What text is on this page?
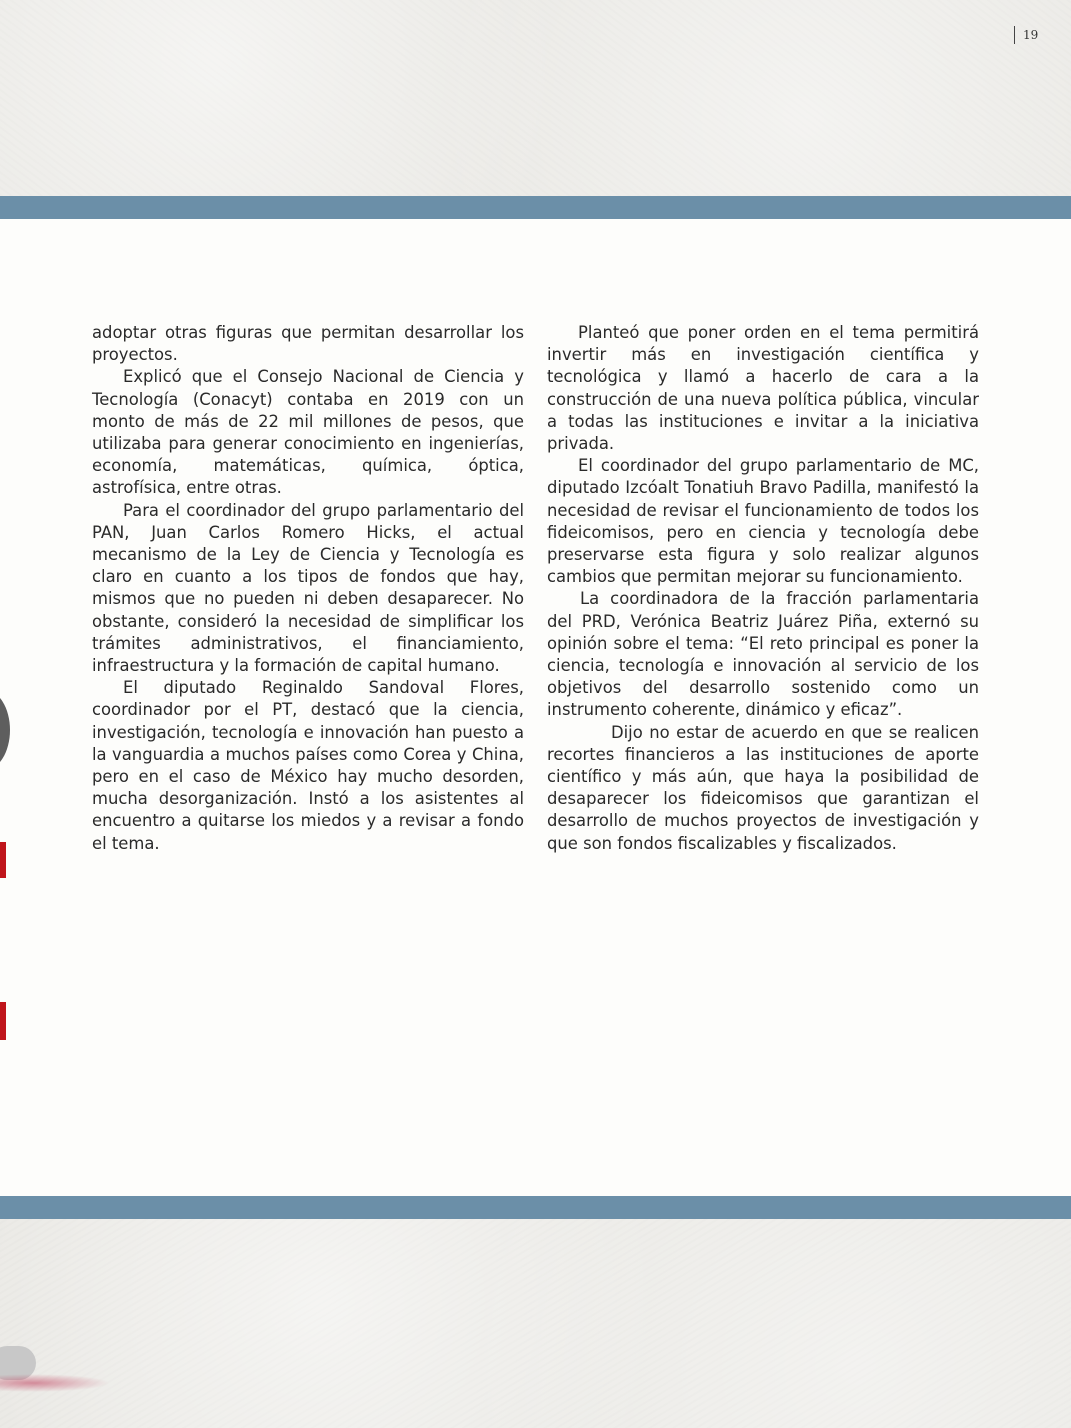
19

adoptar otras figuras que permitan desarrollar los proyectos.

Explicó que el Consejo Nacional de Ciencia y Tecnología (Conacyt) contaba en 2019 con un monto de más de 22 mil millones de pesos, que utilizaba para generar conocimiento en ingenierías, economía, matemáticas, química, óptica, astrofísica, entre otras.

Para el coordinador del grupo parlamentario del PAN, Juan Carlos Romero Hicks, el actual mecanismo de la Ley de Ciencia y Tecnología es claro en cuanto a los tipos de fondos que hay, mismos que no pueden ni deben desaparecer. No obstante, consideró la necesidad de simplificar los trámites administrativos, el financiamiento, infraestructura y la formación de capital humano.

El diputado Reginaldo Sandoval Flores, coordinador por el PT, destacó que la ciencia, investigación, tecnología e innovación han puesto a la vanguardia a muchos países como Corea y China, pero en el caso de México hay mucho desorden, mucha desorganización. Instó a los asistentes al encuentro a quitarse los miedos y a revisar a fondo el tema.

Planteó que poner orden en el tema permitirá invertir más en investigación científica y tecnológica y llamó a hacerlo de cara a la construcción de una nueva política pública, vincular a todas las instituciones e invitar a la iniciativa privada.

El coordinador del grupo parlamentario de MC, diputado Izcóalt Tonatiuh Bravo Padilla, manifestó la necesidad de revisar el funcionamiento de todos los fideicomisos, pero en ciencia y tecnología debe preservarse esta figura y solo realizar algunos cambios que permitan mejorar su funcionamiento.

La coordinadora de la fracción parlamentaria del PRD, Verónica Beatriz Juárez Piña, externó su opinión sobre el tema: “El reto principal es poner la ciencia, tecnología e innovación al servicio de los objetivos del desarrollo sostenido como un instrumento coherente, dinámico y eficaz”.

Dijo no estar de acuerdo en que se realicen recortes financieros a las instituciones de aporte científico y más aún, que haya la posibilidad de desaparecer los fideicomisos que garantizan el desarrollo de muchos proyectos de investigación y que son fondos fiscalizables y fiscalizados.
